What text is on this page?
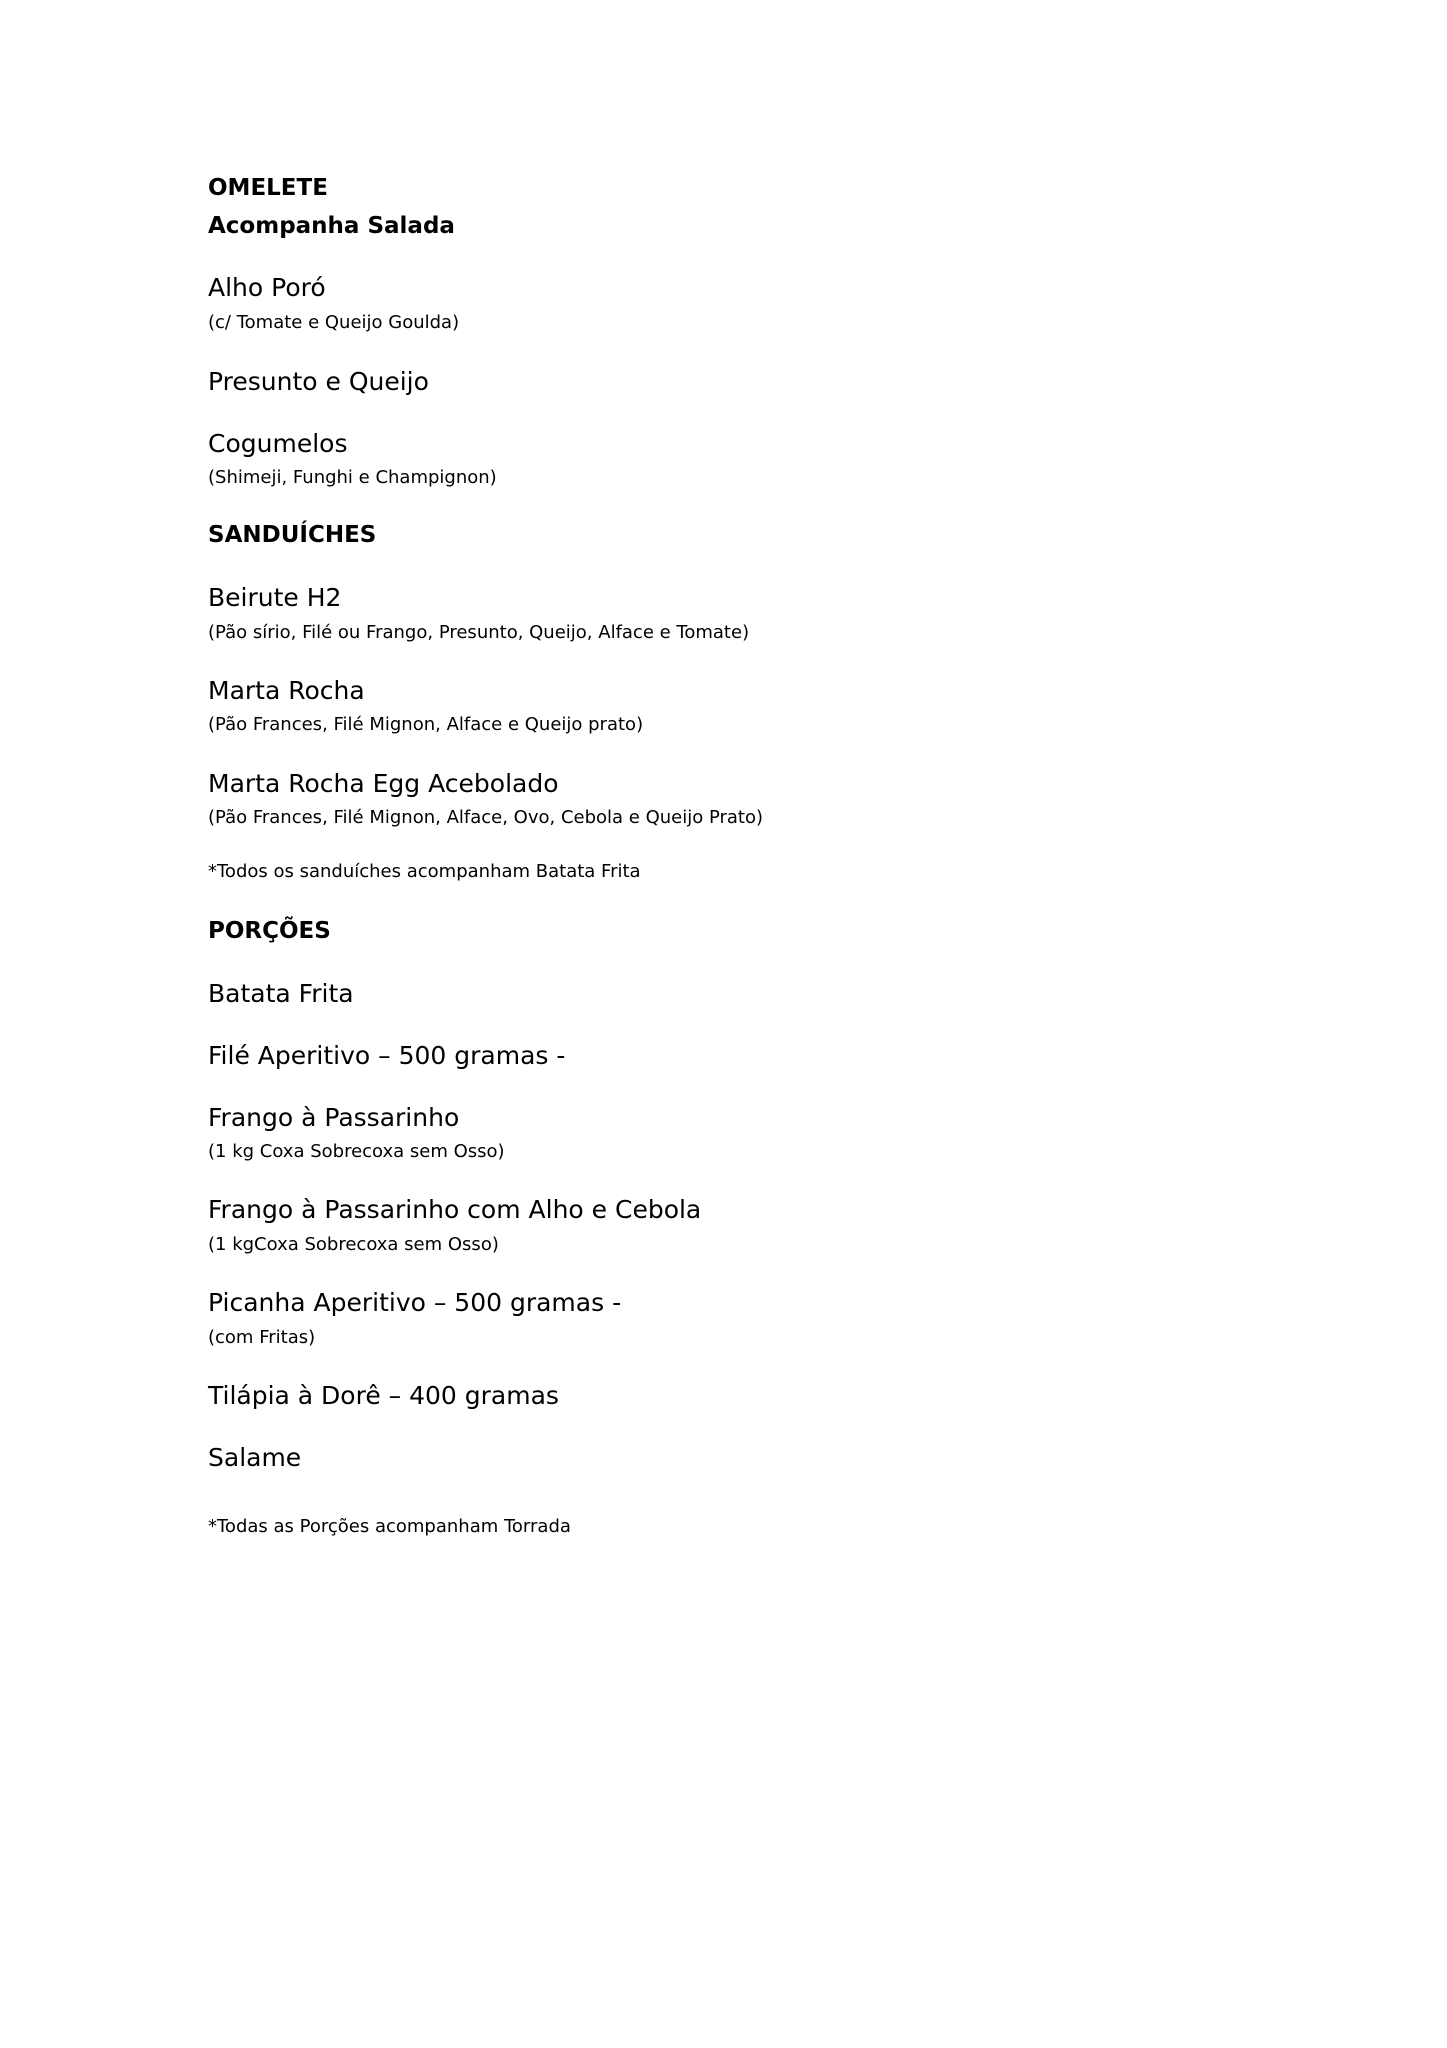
OMELETE
Acompanha Salada
Alho Poró
(c/ Tomate e Queijo Goulda)
Presunto e Queijo
Cogumelos
(Shimeji, Funghi e Champignon)
SANDUÍCHES
Beirute H2
(Pão sírio, Filé ou Frango, Presunto, Queijo, Alface e Tomate)
Marta Rocha
(Pão Frances, Filé Mignon, Alface e Queijo prato)
Marta Rocha Egg Acebolado
(Pão Frances, Filé Mignon, Alface, Ovo, Cebola e Queijo Prato)
*Todos os sanduíches acompanham Batata Frita
PORÇÕES
Batata Frita
Filé Aperitivo – 500 gramas -
Frango à Passarinho
(1 kg Coxa Sobrecoxa sem Osso)
Frango à Passarinho com Alho e Cebola
(1 kgCoxa Sobrecoxa sem Osso)
Picanha Aperitivo – 500 gramas -
(com Fritas)
Tilápia à Dorê – 400 gramas
Salame
*Todas as Porções acompanham Torrada
